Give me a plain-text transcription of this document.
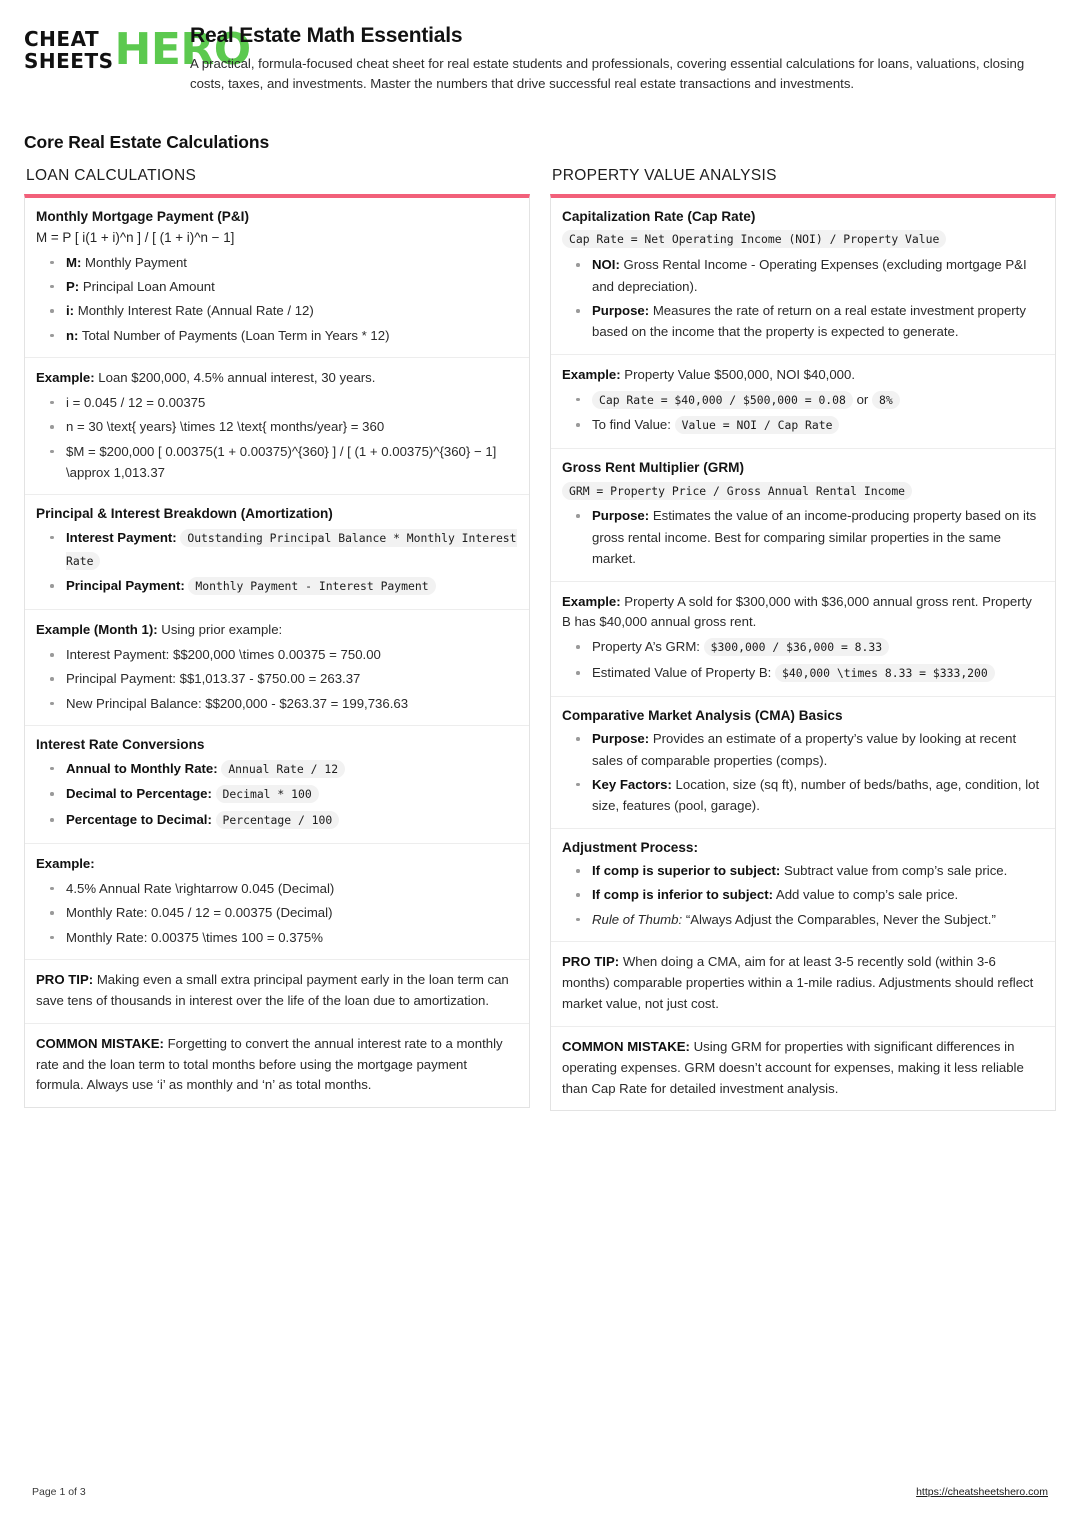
CHEAT
SHEETS HERO
Real Estate Math Essentials

A practical, formula-focused cheat sheet for real estate students and professionals, covering essential calculations for loans, valuations, closing costs, taxes, and investments. Master the numbers that drive successful real estate transactions and investments.

Core Real Estate Calculations
LOAN CALCULATIONS
Monthly Mortgage Payment (P&I)
M = P [ i(1 + i)^n ] / [ (1 + i)^n − 1]
M: Monthly Payment
P: Principal Loan Amount
i: Monthly Interest Rate (Annual Rate / 12)
n: Total Number of Payments (Loan Term in Years * 12)

Example: Loan $200,000, 4.5% annual interest, 30 years.

i = 0.045 / 12 = 0.00375
n = 30 \text{ years} \times 12 \text{ months/year} = 360
$M = $200,000 [ 0.00375(1 + 0.00375)^{360} ] / [ (1 + 0.00375)^{360} − 1] \approx 1,013.37
Principal & Interest Breakdown (Amortization)
Interest Payment: Outstanding Principal Balance * Monthly Interest Rate
Principal Payment: Monthly Payment - Interest Payment

Example (Month 1): Using prior example:

Interest Payment: $$200,000 \times 0.00375 = 750.00
Principal Payment: $$1,013.37 - $750.00 = 263.37
New Principal Balance: $$200,000 - $263.37 = 199,736.63
Interest Rate Conversions
Annual to Monthly Rate: Annual Rate / 12
Decimal to Percentage: Decimal * 100
Percentage to Decimal: Percentage / 100

Example:

4.5% Annual Rate \rightarrow 0.045 (Decimal)
Monthly Rate: 0.045 / 12 = 0.00375 (Decimal)
Monthly Rate: 0.00375 \times 100 = 0.375%

PRO TIP: Making even a small extra principal payment early in the loan term can save tens of thousands in interest over the life of the loan due to amortization.

COMMON MISTAKE: Forgetting to convert the annual interest rate to a monthly rate and the loan term to total months before using the mortgage payment formula. Always use ‘i’ as monthly and ‘n’ as total months.

PROPERTY VALUE ANALYSIS
Capitalization Rate (Cap Rate)
Cap Rate = Net Operating Income (NOI) / Property Value
NOI: Gross Rental Income - Operating Expenses (excluding mortgage P&I and depreciation).
Purpose: Measures the rate of return on a real estate investment property based on the income that the property is expected to generate.

Example: Property Value $500,000, NOI $40,000.

Cap Rate = $40,000 / $500,000 = 0.08 or 8%
To find Value: Value = NOI / Cap Rate
Gross Rent Multiplier (GRM)
GRM = Property Price / Gross Annual Rental Income
Purpose: Estimates the value of an income-producing property based on its gross rental income. Best for comparing similar properties in the same market.

Example: Property A sold for $300,000 with $36,000 annual gross rent. Property B has $40,000 annual gross rent.

Property A’s GRM: $300,000 / $36,000 = 8.33
Estimated Value of Property B: $40,000 \times 8.33 = $333,200
Comparative Market Analysis (CMA) Basics
Purpose: Provides an estimate of a property’s value by looking at recent sales of comparable properties (comps).
Key Factors: Location, size (sq ft), number of beds/baths, age, condition, lot size, features (pool, garage).
Adjustment Process:
If comp is superior to subject: Subtract value from comp’s sale price.
If comp is inferior to subject: Add value to comp’s sale price.
Rule of Thumb: “Always Adjust the Comparables, Never the Subject.”

PRO TIP: When doing a CMA, aim for at least 3-5 recently sold (within 3-6 months) comparable properties within a 1-mile radius. Adjustments should reflect market value, not just cost.

COMMON MISTAKE: Using GRM for properties with significant differences in operating expenses. GRM doesn’t account for expenses, making it less reliable than Cap Rate for detailed investment analysis.

Page 1 of 3	https://cheatsheetshero.com
